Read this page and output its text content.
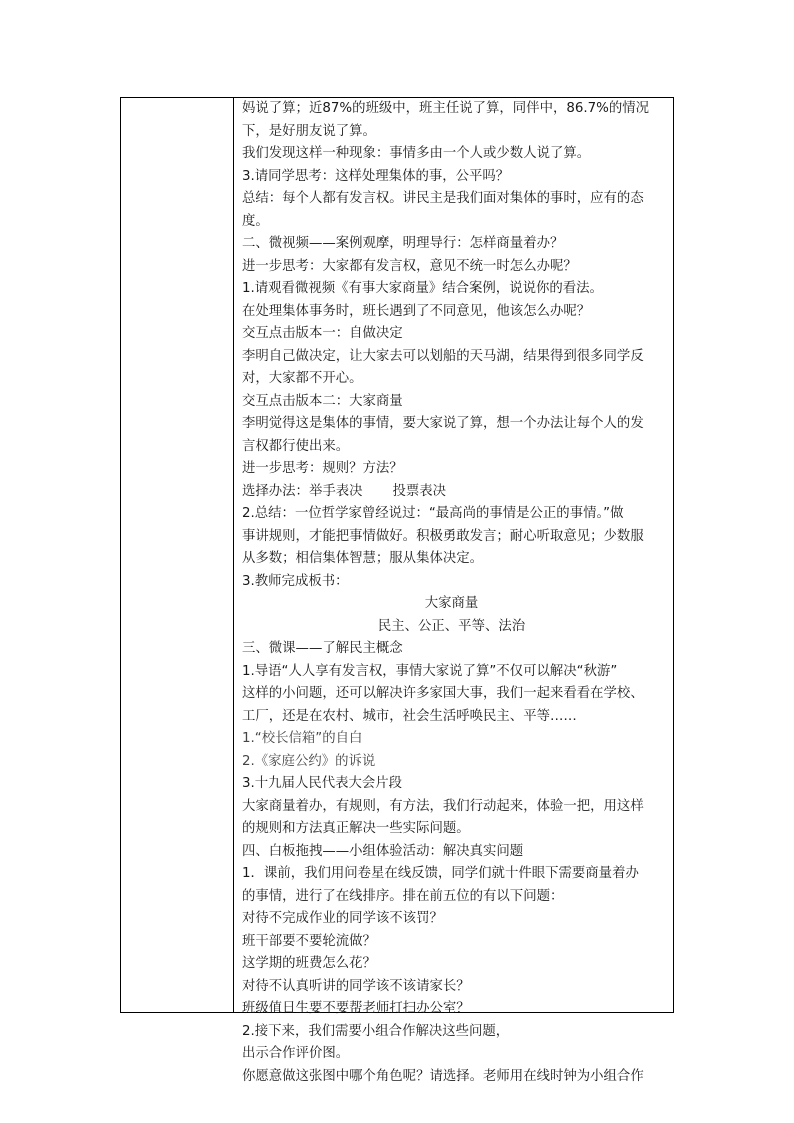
妈说了算；近87%的班级中，班主任说了算，同伴中，86.7%的情况
下，是好朋友说了算。
我们发现这样一种现象：事情多由一个人或少数人说了算。
3.请同学思考：这样处理集体的事，公平吗？
总结：每个人都有发言权。讲民主是我们面对集体的事时，应有的态
度。
二、微视频——案例观摩，明理导行：怎样商量着办？
进一步思考：大家都有发言权，意见不统一时怎么办呢？
1.请观看微视频《有事大家商量》结合案例，说说你的看法。
在处理集体事务时，班长遇到了不同意见，他该怎么办呢？
交互点击版本一：自做决定
李明自己做决定，让大家去可以划船的天马湖，结果得到很多同学反
对，大家都不开心。
交互点击版本二：大家商量
李明觉得这是集体的事情，要大家说了算，想一个办法让每个人的发
言权都行使出来。
进一步思考：规则？方法？
选择办法：举手表决 投票表决
2.总结：一位哲学家曾经说过：“最高尚的事情是公正的事情。”做
事讲规则，才能把事情做好。积极勇敢发言；耐心听取意见；少数服
从多数；相信集体智慧；服从集体决定。
3.教师完成板书：
大家商量
民主、公正、平等、法治
三、微课——了解民主概念
1.导语“人人享有发言权，事情大家说了算”不仅可以解决“秋游”
这样的小问题，还可以解决许多家国大事，我们一起来看看在学校、
工厂，还是在农村、城市，社会生活呼唤民主、平等……
1.“校长信箱”的自白
2.《家庭公约》的诉说
3.十九届人民代表大会片段
大家商量着办，有规则，有方法，我们行动起来，体验一把，用这样
的规则和方法真正解决一些实际问题。
四、白板拖拽——小组体验活动：解决真实问题
1．课前，我们用问卷星在线反馈，同学们就十件眼下需要商量着办
的事情，进行了在线排序。排在前五位的有以下问题：
对待不完成作业的同学该不该罚？
班干部要不要轮流做？
这学期的班费怎么花？
对待不认真听讲的同学该不该请家长？
班级值日生要不要帮老师打扫办公室？
2.接下来，我们需要小组合作解决这些问题，
出示合作评价图。
你愿意做这张图中哪个角色呢？请选择。老师用在线时钟为小组合作
